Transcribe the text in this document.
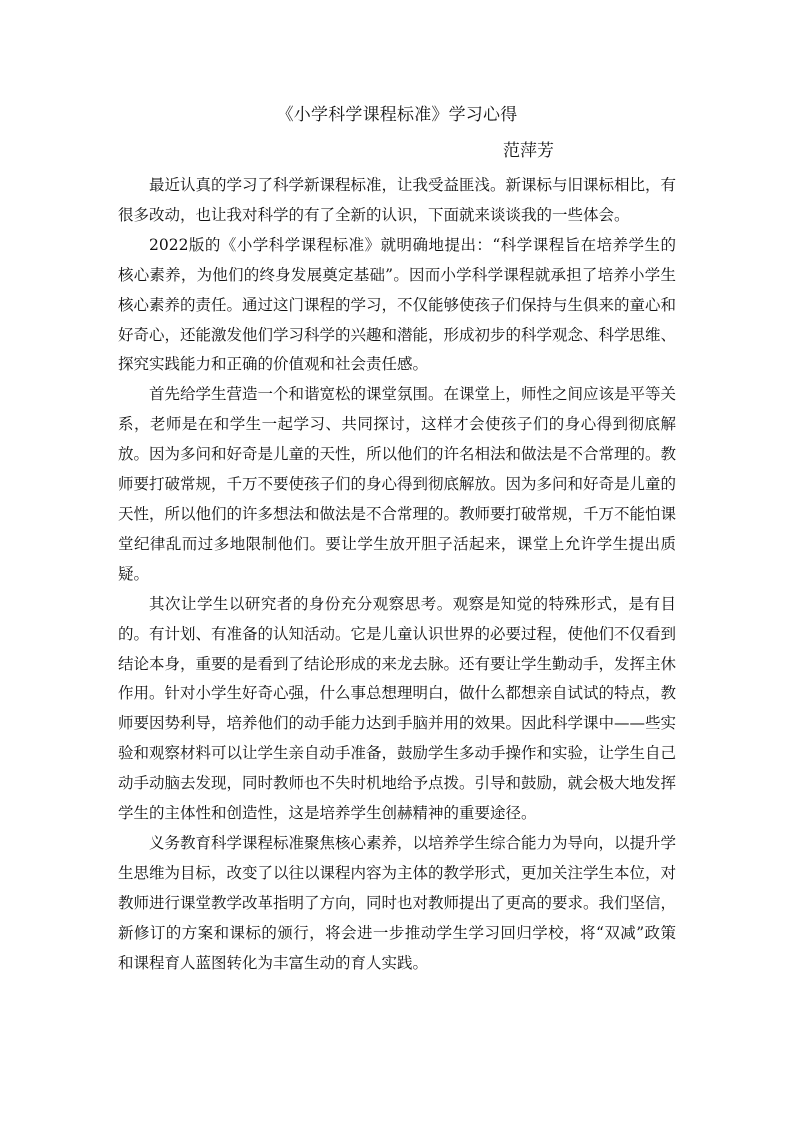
《小学科学课程标准》学习心得
范萍芳

最近认真的学习了科学新课程标准，让我受益匪浅。新课标与旧课标相比，有很多改动，也让我对科学的有了全新的认识，下面就来谈谈我的一些体会。

2022版的《小学科学课程标准》就明确地提出：“科学课程旨在培养学生的核心素养，为他们的终身发展奠定基础”。因而小学科学课程就承担了培养小学生核心素养的责任。通过这门课程的学习，不仅能够使孩子们保持与生俱来的童心和好奇心，还能激发他们学习科学的兴趣和潜能，形成初步的科学观念、科学思维、探究实践能力和正确的价值观和社会责任感。

首先给学生营造一个和谐宽松的课堂氛围。在课堂上，师性之间应该是平等关系，老师是在和学生一起学习、共同探讨，这样才会使孩子们的身心得到彻底解放。因为多问和好奇是儿童的天性，所以他们的许名相法和做法是不合常理的。教师要打破常规，千万不要使孩子们的身心得到彻底解放。因为多问和好奇是儿童的天性，所以他们的许多想法和做法是不合常理的。教师要打破常规，千万不能怕课堂纪律乱而过多地限制他们。要让学生放开胆子活起来，课堂上允许学生提出质疑。

其次让学生以研究者的身份充分观察思考。观察是知觉的特殊形式，是有目的。有计划、有准备的认知活动。它是儿童认识世界的必要过程，使他们不仅看到结论本身，重要的是看到了结论形成的来龙去脉。还有要让学生勤动手，发挥主休作用。针对小学生好奇心强，什么事总想理明白，做什么都想亲自试试的特点，教师要因势利导，培养他们的动手能力达到手脑并用的效果。因此科学课中——些实验和观察材料可以让学生亲自动手准备，鼓励学生多动手操作和实验，让学生自己动手动脑去发现，同时教师也不失时机地给予点拨。引导和鼓励，就会极大地发挥学生的主体性和创造性，这是培养学生创赫精神的重要途径。

义务教育科学课程标准聚焦核心素养，以培养学生综合能力为导向，以提升学生思维为目标，改变了以往以课程内容为主体的教学形式，更加关注学生本位，对教师进行课堂教学改革指明了方向，同时也对教师提出了更高的要求。我们坚信，新修订的方案和课标的颁行，将会进一步推动学生学习回归学校，将“双减”政策和课程育人蓝图转化为丰富生动的育人实践。
